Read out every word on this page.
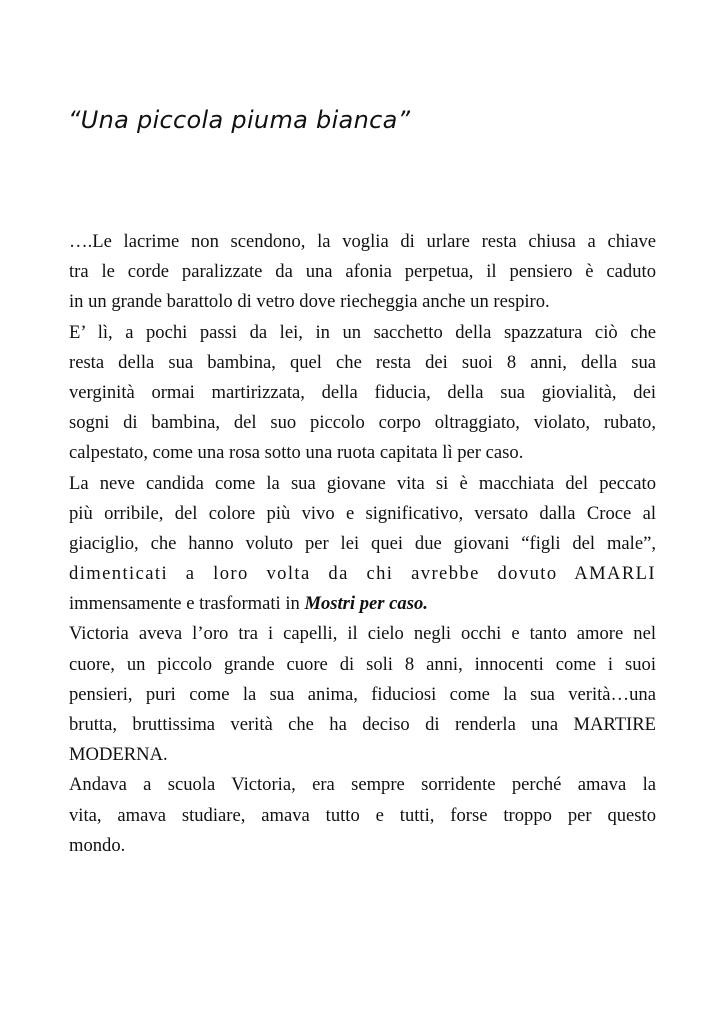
“Una piccola piuma bianca”
….Le lacrime non scendono, la voglia di urlare resta chiusa a chiave
tra le corde paralizzate da una afonia perpetua, il pensiero è caduto
in un grande barattolo di vetro dove riecheggia anche un respiro.
E’ lì, a pochi passi da lei, in un sacchetto della spazzatura ciò che
resta della sua bambina, quel che resta dei suoi 8 anni, della sua
verginità ormai martirizzata, della fiducia, della sua giovialità, dei
sogni di bambina, del suo piccolo corpo oltraggiato, violato, rubato,
calpestato, come una rosa sotto una ruota capitata lì per caso.
La neve candida come la sua giovane vita si è macchiata del peccato
più orribile, del colore più vivo e significativo, versato dalla Croce al
giaciglio, che hanno voluto per lei quei due giovani “figli del male”,
dimenticati a loro volta da chi avrebbe dovuto AMARLI
immensamente e trasformati in Mostri per caso.
Victoria aveva l’oro tra i capelli, il cielo negli occhi e tanto amore nel
cuore, un piccolo grande cuore di soli 8 anni, innocenti come i suoi
pensieri, puri come la sua anima, fiduciosi come la sua verità…una
brutta, bruttissima verità che ha deciso di renderla una MARTIRE
MODERNA.
Andava a scuola Victoria, era sempre sorridente perché amava la
vita, amava studiare, amava tutto e tutti, forse troppo per questo
mondo.
